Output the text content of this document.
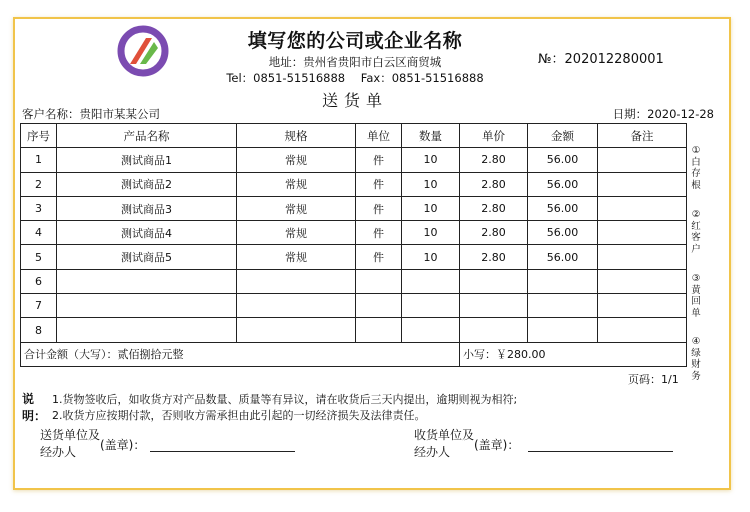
填写您的公司或企业名称
地址：贵州省贵阳市白云区商贸城
Tel：0851-51516888 Fax：0851-51516888
№：202012280001
送货单
客户名称：贵阳市某某公司	日期：2020-12-28
序号	产品名称	规格	单位	数量	单价	金额	备注
1	测试商品1	常规	件	10	2.80	56.00	
2	测试商品2	常规	件	10	2.80	56.00	
3	测试商品3	常规	件	10	2.80	56.00	
4	测试商品4	常规	件	10	2.80	56.00	
5	测试商品5	常规	件	10	2.80	56.00	
6							
7							
8							
合计金额（大写）：贰佰捌拾元整					小写：￥280.00		
①白存根
②红客户
③黄回单
④绿财务
说
明：
1.货物签收后，如收货方对产品数量、质量等有异议，请在收货后三天内提出，逾期则视为相符;
2.收货方应按期付款，否则收方需承担由此引起的一切经济损失及法律责任。
页码：1/1
送货单位及经办人	(盖章)：
收货单位及经办人	(盖章)：
